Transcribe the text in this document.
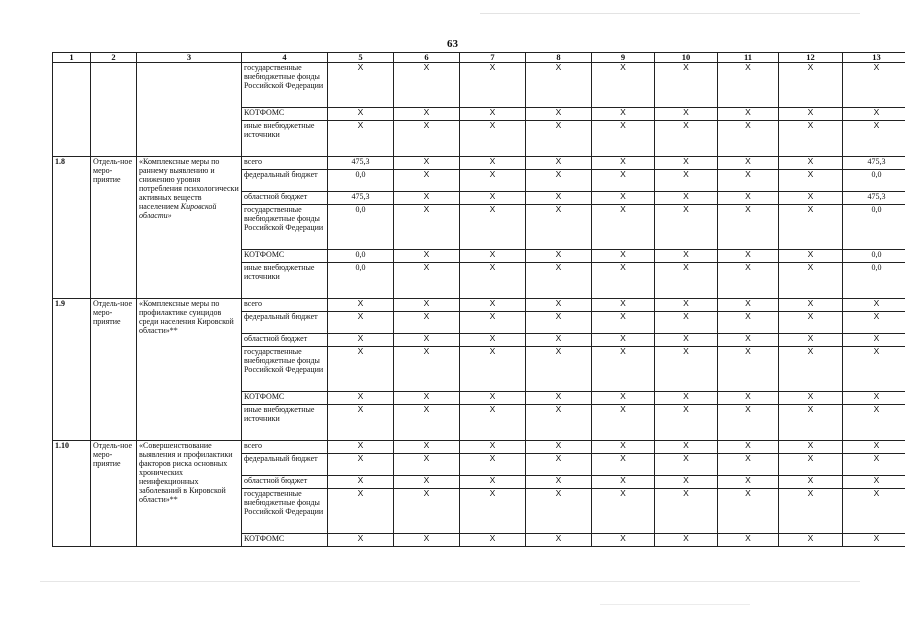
63
1	2	3	4	5	6	7	8	9	10	11	12	13
			государственные внебюджетные фонды Российской Федерации	X	X	X	X	X	X	X	X	X
			КОТФОМС	X	X	X	X	X	X	X	X	X
			иные внебюджетные источники	X	X	X	X	X	X	X	X	X
1.8	Отдель-ное меро-приятие	«Комплексные меры по раннему выявлению и снижению уровня потребления психологически активных веществ населением Кировской области»	всего	475,3	X	X	X	X	X	X	X	475,3
			федеральный бюджет	0,0	X	X	X	X	X	X	X	0,0
			областной бюджет	475,3	X	X	X	X	X	X	X	475,3
			государственные внебюджетные фонды Российской Федерации	0,0	X	X	X	X	X	X	X	0,0
			КОТФОМС	0,0	X	X	X	X	X	X	X	0,0
			иные внебюджетные источники	0,0	X	X	X	X	X	X	X	0,0
1.9	Отдель-ное меро-приятие	«Комплексные меры по профилактике суицидов среди населения Кировской области»**	всего	X	X	X	X	X	X	X	X	X
			федеральный бюджет	X	X	X	X	X	X	X	X	X
			областной бюджет	X	X	X	X	X	X	X	X	X
			государственные внебюджетные фонды Российской Федерации	X	X	X	X	X	X	X	X	X
			КОТФОМС	X	X	X	X	X	X	X	X	X
			иные внебюджетные источники	X	X	X	X	X	X	X	X	X
1.10	Отдель-ное меро-приятие	«Совершенствование выявления и профилактики факторов риска основных хронических неинфекционных заболеваний в Кировской области»**	всего	X	X	X	X	X	X	X	X	X
			федеральный бюджет	X	X	X	X	X	X	X	X	X
			областной бюджет	X	X	X	X	X	X	X	X	X
			государственные внебюджетные фонды Российской Федерации	X	X	X	X	X	X	X	X	X
			КОТФОМС	X	X	X	X	X	X	X	X	X
